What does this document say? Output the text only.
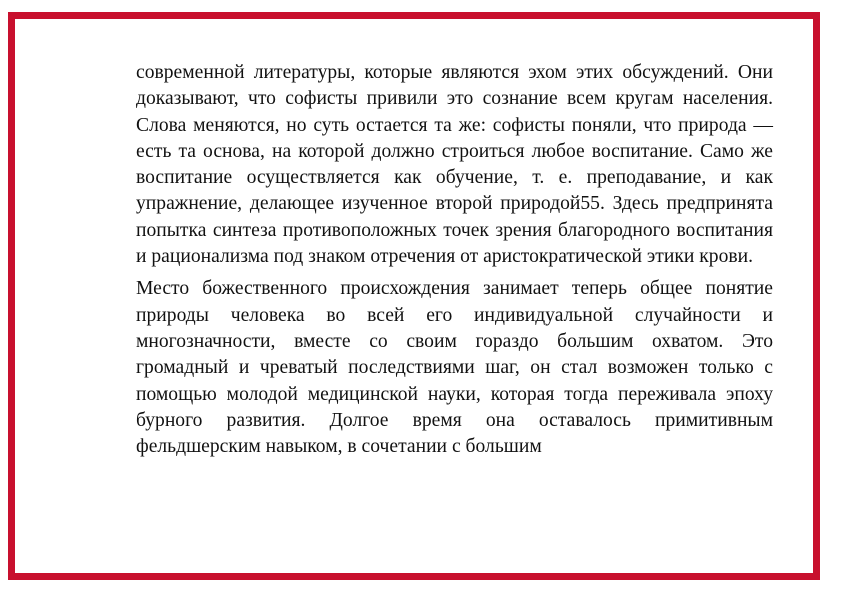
современной литературы, которые являются эхом этих обсуждений. Они доказывают, что софисты привили это сознание всем кругам населения. Слова меняются, но суть остается та же: софисты поняли, что природа — есть та основа, на которой должно строиться любое воспитание. Само же воспитание осуществляется как обучение, т. е. преподавание, и как упражнение, делающее изученное второй природой55. Здесь предпринята попытка синтеза противоположных точек зрения благородного воспитания и рационализма под знаком отречения от аристократической этики крови.

Место божественного происхождения занимает теперь общее понятие природы человека во всей его индивидуальной случайности и многозначности, вместе со своим гораздо большим охватом. Это громадный и чреватый последствиями шаг, он стал возможен только с помощью молодой медицинской науки, которая тогда переживала эпоху бурного развития. Долгое время она оставалось примитивным фельдшерским навыком, в сочетании с большим
